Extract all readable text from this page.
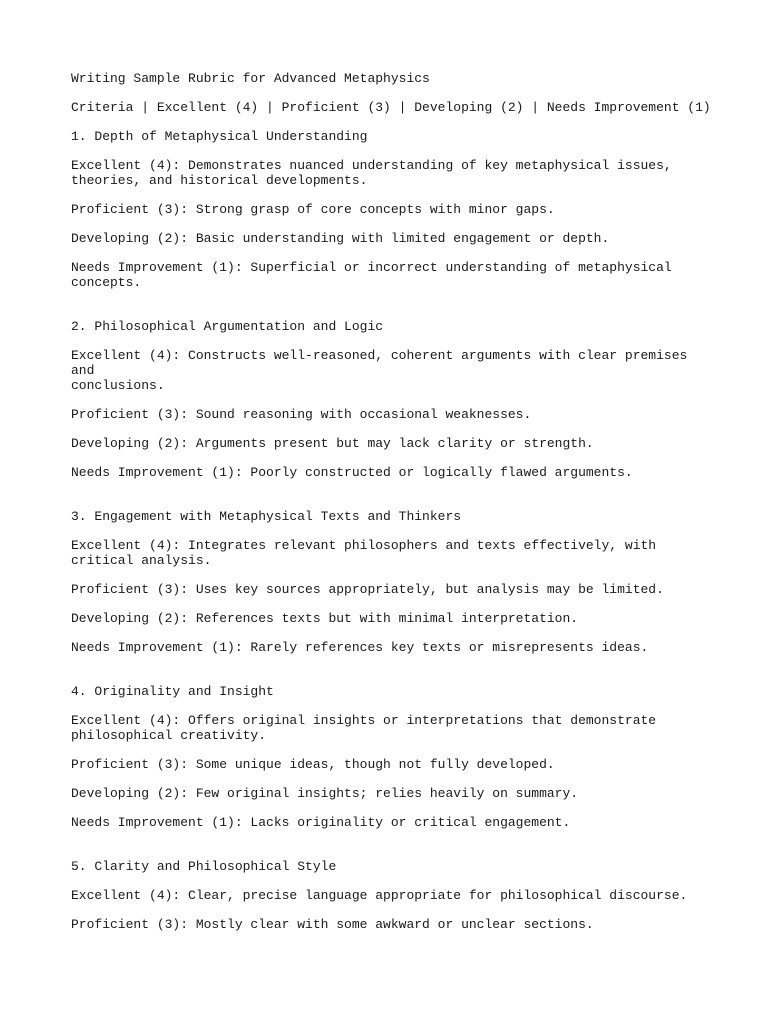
Writing Sample Rubric for Advanced Metaphysics

Criteria | Excellent (4) | Proficient (3) | Developing (2) | Needs Improvement (1)

1. Depth of Metaphysical Understanding

Excellent (4): Demonstrates nuanced understanding of key metaphysical issues,
theories, and historical developments.

Proficient (3): Strong grasp of core concepts with minor gaps.

Developing (2): Basic understanding with limited engagement or depth.

Needs Improvement (1): Superficial or incorrect understanding of metaphysical
concepts.

2. Philosophical Argumentation and Logic

Excellent (4): Constructs well-reasoned, coherent arguments with clear premises and
conclusions.

Proficient (3): Sound reasoning with occasional weaknesses.

Developing (2): Arguments present but may lack clarity or strength.

Needs Improvement (1): Poorly constructed or logically flawed arguments.

3. Engagement with Metaphysical Texts and Thinkers

Excellent (4): Integrates relevant philosophers and texts effectively, with
critical analysis.

Proficient (3): Uses key sources appropriately, but analysis may be limited.

Developing (2): References texts but with minimal interpretation.

Needs Improvement (1): Rarely references key texts or misrepresents ideas.

4. Originality and Insight

Excellent (4): Offers original insights or interpretations that demonstrate
philosophical creativity.

Proficient (3): Some unique ideas, though not fully developed.

Developing (2): Few original insights; relies heavily on summary.

Needs Improvement (1): Lacks originality or critical engagement.

5. Clarity and Philosophical Style

Excellent (4): Clear, precise language appropriate for philosophical discourse.

Proficient (3): Mostly clear with some awkward or unclear sections.
